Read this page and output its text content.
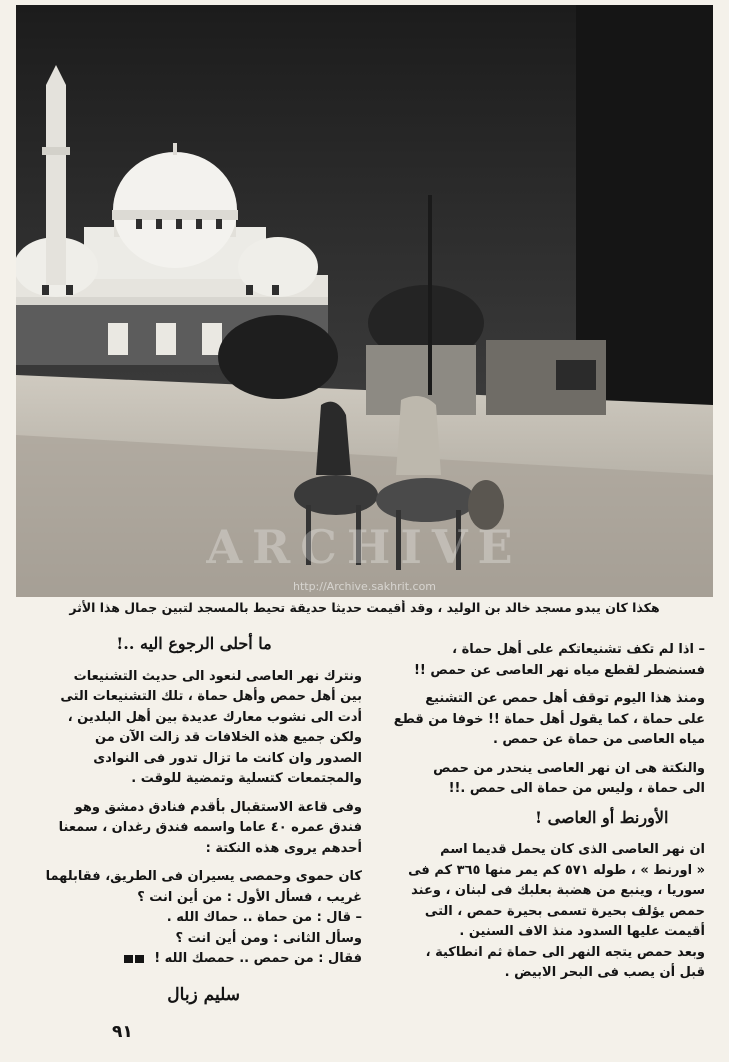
ARCHIVE
http://Archive.sakhrit.com
هكذا كان يبدو مسجد خالد بن الوليد ، وقد أقيمت حديثا حديقة تحيط بالمسجد لتبين جمال هذا الأثر

– اذا لم تكف تشنيعاتكم على أهل حماة ،
فسنضطر لقطع مياه نهر العاصى عن حمص !!

ومنذ هذا اليوم توقف أهل حمص عن التشنيع
على حماة ، كما يقول أهل حماة !! خوفا من قطع
مياه العاصى من حماة عن حمص .

والنكتة هى ان نهر العاصى ينحدر من حمص
الى حماة ، وليس من حماة الى حمص .!!

الأورنط أو العاصى !

ان نهر العاصى الذى كان يحمل قديما اسم
« اورنط » ، طوله ٥٧١ كم يمر منها ٣٦٥ كم فى
سوريا ، وينبع من هضبة بعلبك فى لبنان ، وعند
حمص يؤلف بحيرة تسمى بحيرة حمص ، التى
أقيمت عليها السدود منذ الاف السنين .
وبعد حمص يتجه النهر الى حماة ثم انطاكية ،
قبل أن يصب فى البحر الابيض .

ما أحلى الرجوع اليه ..!

ونترك نهر العاصى لنعود الى حديث التشنيعات
بين أهل حمص وأهل حماة ، تلك التشنيعات التى
أدت الى نشوب معارك عديدة بين أهل البلدين ،
ولكن جميع هذه الخلافات قد زالت الآن من
الصدور وان كانت ما تزال تدور فى النوادى
والمجتمعات كتسلية وتمضية للوقت .

وفى قاعة الاستقبال بأقدم فنادق دمشق وهو
فندق عمره ٤٠ عاما واسمه فندق رغدان ، سمعنا
أحدهم يروى هذه النكتة :

كان حموى وحمصى يسيران فى الطريق، فقابلهما
غريب ، فسأل الأول : من أين انت ؟
– قال : من حماة .. حماك الله .
وسأل الثانى : ومن أين انت ؟
فقال : من حمص .. حمصك الله !

سليم زبال
٩١
